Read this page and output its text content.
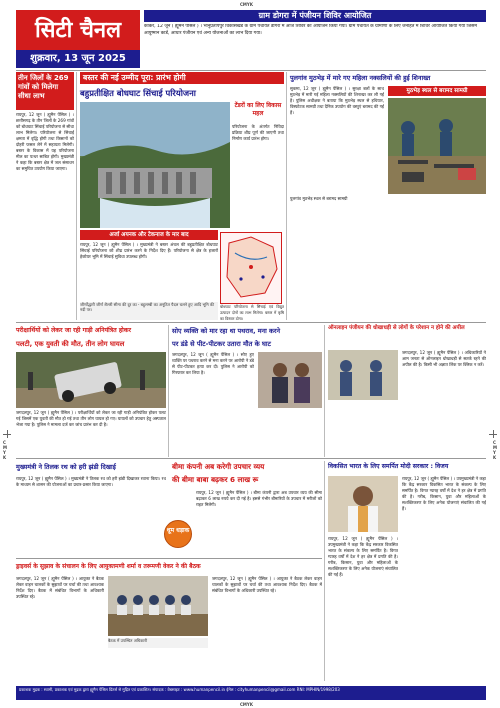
CMYK
CMYK
C M Y K
C M Y K
सिटी चैनल
शुक्रवार, 13 जून 2025
ग्राम डोगरा में पंजीयन शिविर आयोजित
कांकेर, 12 जून ( ह्यूमैन पेंसिल ) । भानुप्रतापपुर विकासखंड के ग्राम पंचायत डोगरा में आज शिविर का आयोजन किया गया। ग्राम पंचायत के ग्रामीणों के लिए जनहित में शिविर आयोजित किया गया जिसमें आयुष्मान कार्ड, आधार पंजीयन एवं अन्य योजनाओं का लाभ दिया गया।
तीन जिलों के 269 गांवों को मिलेगा सीधा लाभ
रायपुर, 12 जून ( ह्यूमैन पेंसिल ) । छत्तीसगढ़ के तीन जिलों के 269 गांवों को बोधघाट सिंचाई परियोजना से सीधा लाभ मिलेगा। परियोजना से सिंचाई क्षमता में वृद्धि होगी तथा किसानों को दोहरी फसल लेने में सहायता मिलेगी। बस्तर के विकास में यह परियोजना मील का पत्थर साबित होगी। मुख्यमंत्री ने कहा कि बस्तर क्षेत्र में जल संसाधन का समुचित उपयोग किया जाएगा।
बस्तर की नई उम्मीद पूरा: प्रारंभ होगी
बहुप्रतीक्षित बोधघाट सिंचाई परियोजना
टेंडरों का लिए विकास महल
परियोजना के अंतर्गत निविदा प्रक्रिया शीघ्र पूर्ण की जाएगी तथा निर्माण कार्य प्रारंभ होगा।
अर्जा अयनक और टेकनाज के मार बाद
रायपुर, 12 जून ( ह्यूमैन पेंसिल ) । मुख्यमंत्री ने बस्तर अंचल की बहुप्रतीक्षित बोधघाट सिंचाई परियोजना को शीघ्र प्रारंभ करने के निर्देश दिए हैं। परियोजना से क्षेत्र के हजारों हेक्टेयर भूमि में सिंचाई सुविधा उपलब्ध होगी।
बोधघाट परियोजना से सिंचाई एवं विद्युत उत्पादन दोनों का लाभ मिलेगा। बस्तर में कृषि का विस्तार होगा।
जीर्णोद्धारी जीर्ण शैलरी सीमा की दूर का - बहुलम्बी का अनूठित पैदल चलने हुए आदि भूमि की नदी पर।
पुलगांव मुठभेड़ में मारे गए महिला नक्सलियों की हुई शिनाख्त
मुठभेड़ स्थल से बरामद सामग्री
सुकमा, 12 जून ( ह्यूमैन पेंसिल ) । सुरक्षा बलों के साथ मुठभेड़ में मारी गई महिला नक्सलियों की शिनाख्त कर ली गई है। पुलिस अधीक्षक ने बताया कि मुठभेड़ स्थल से हथियार, विस्फोटक सामग्री तथा दैनिक उपयोग की वस्तुएं बरामद की गई हैं।
पुलगांव मुठभेड़ स्थल से बरामद सामग्री
परीक्षार्थियों को लेकर जा रही गाड़ी अनियंत्रित होकर
पलटी, एक युवती की मौत, तीन लोग घायल
जगदलपुर, 12 जून ( ह्यूमैन पेंसिल ) । परीक्षार्थियों को लेकर जा रही गाड़ी अनियंत्रित होकर पलट गई जिसमें एक युवती की मौत हो गई तथा तीन लोग घायल हो गए। घायलों को उपचार हेतु अस्पताल भेजा गया है। पुलिस ने मामला दर्ज कर जांच प्रारंभ कर दी है।
सोए व्यक्ति को मार रहा था पथराव, मना करने
पर डंडे से पीट-पीटकर उतारा मौत के घाट
जगदलपुर, 12 जून ( ह्यूमैन पेंसिल ) । सोए हुए व्यक्ति पर पथराव करने से मना करने पर आरोपी ने डंडे से पीट-पीटकर हत्या कर दी। पुलिस ने आरोपी को गिरफ्तार कर लिया है।
ऑनलाइन पंजीयन की धोखाधड़ी से लोगों के परेशान न होने की अपील
जगदलपुर, 12 जून ( ह्यूमैन पेंसिल ) । अधिकारियों ने आम जनता से ऑनलाइन धोखाधड़ी से सतर्क रहने की अपील की है। किसी भी अज्ञात लिंक पर क्लिक न करें।
मुख्यमंत्री ने तिलक रथ को हरी झंडी दिखाई
रायपुर, 12 जून ( ह्यूमैन पेंसिल ) । मुख्यमंत्री ने तिलक रथ को हरी झंडी दिखाकर रवाना किया। रथ के माध्यम से शासन की योजनाओं का प्रचार-प्रसार किया जाएगा।
बीमा कंपनी अब करेगी उपचार व्यय
की बीमा बाबा बढ़कर 6 लाख रू
रायपुर, 12 जून ( ह्यूमैन पेंसिल ) । बीमा कंपनी द्वारा अब उपचार व्यय की सीमा बढ़ाकर 6 लाख रुपये कर दी गई है। इससे गंभीर बीमारियों के उपचार में मरीजों को राहत मिलेगी।
धूम धड़ाक
विकसित भारत के लिए समर्पित मोदी सरकार : विजय
रायपुर, 12 जून ( ह्यूमैन पेंसिल ) । उपमुख्यमंत्री ने कहा कि केंद्र सरकार विकसित भारत के संकल्प के लिए समर्पित है। विगत ग्यारह वर्षों में देश ने हर क्षेत्र में प्रगति की है। गरीब, किसान, युवा और महिलाओं के सशक्तिकरण के लिए अनेक योजनाएं संचालित की गई हैं।
रायपुर, 12 जून ( ह्यूमैन पेंसिल ) । उपमुख्यमंत्री ने कहा कि केंद्र सरकार विकसित भारत के संकल्प के लिए समर्पित है। विगत ग्यारह वर्षों में देश ने हर क्षेत्र में प्रगति की है। गरीब, किसान, युवा और महिलाओं के सशक्तिकरण के लिए अनेक योजनाएं संचालित की गई हैं।
ड्राइवर्स के सुझाव के संचालन के लिए आयुक्तमणी शर्मा व तरूमणी वेकर ने की बैठक
जगदलपुर, 12 जून ( ह्यूमैन पेंसिल ) । आयुक्त ने बैठक लेकर वाहन चालकों के सुझावों पर चर्चा की तथा आवश्यक निर्देश दिए। बैठक में संबंधित विभागों के अधिकारी उपस्थित रहे।
बैठक में उपस्थित अधिकारी
जगदलपुर, 12 जून ( ह्यूमैन पेंसिल ) । आयुक्त ने बैठक लेकर वाहन चालकों के सुझावों पर चर्चा की तथा आवश्यक निर्देश दिए। बैठक में संबंधित विभागों के अधिकारी उपस्थित रहे।
प्रकाशक मुद्रक : स्वामी, प्रकाशक एवं मुद्रक द्वारा ह्यूमैन पेंसिल प्रिंटर्स से मुद्रित एवं प्रकाशित। संपादक : वेबसाइट : www.humanpencil.in ईमेल : cityhumanpencil@gmail.com RNI: MPHIN/1998/203
